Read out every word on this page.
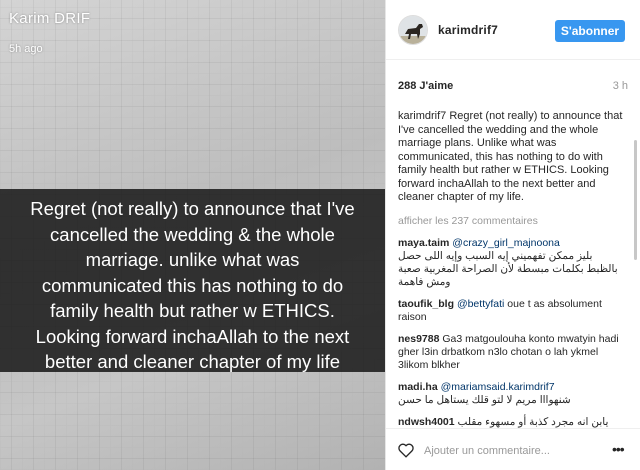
Karim DRIF
5h ago

Regret (not really) to announce that I've

cancelled the wedding & the whole

marriage. unlike what was

communicated this has nothing to do

family health but rather w ETHICS.

Looking forward inchaAllah to the next

better and cleaner chapter of my life

karimdrif7	S'abonner
288 J'aime	3 h
karimdrif7 Regret (not really) to announce that I've cancelled the wedding and the whole marriage plans. Unlike what was communicated, this has nothing to do with family health but rather w ETHICS. Looking forward inchaAllah to the next better and cleaner chapter of my life.
afficher les 237 commentaires
maya.taim @crazy_girl_majnoona
بليز ممكن تفهميني إيه السبب وإيه اللى حصل بالظبط بكلمات مبسطة لأن الصراحة المغربية صعبة ومش فاهمة
taoufik_blg @bettyfati oue t as absolument raison
nes9788 Ga3 matgoulouha konto mwatyin hadi gher l3in drbatkom n3lo chotan o lah ykmel 3likom blkher
madi.ha @mariamsaid.karimdrif7
شنهوااا مريم لا لتو قلك يستاهل ما حسن
ndwsh4001 يابن انه مجرد كذبة أو مسهوء مقلب
Ajouter un commentaire...
•••
